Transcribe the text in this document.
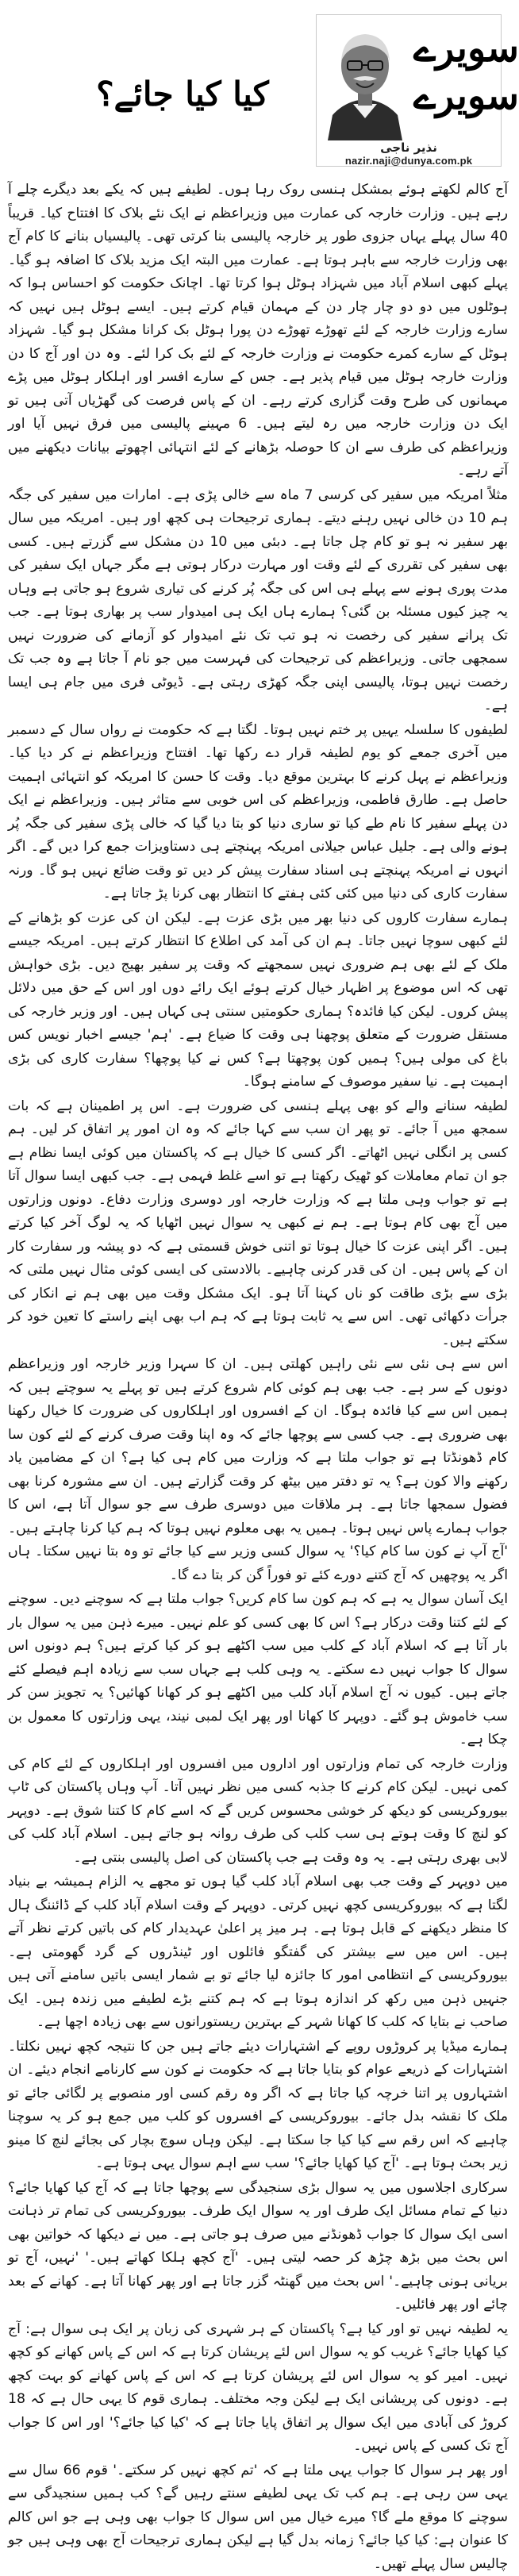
سویرے
سویرے
نذیر ناجی
nazir.naji@dunya.com.pk
کیا کیا جائے؟

آج کالم لکھتے ہوئے بمشکل ہنسی روک رہا ہوں۔ لطیفے ہیں کہ یکے بعد دیگرے چلے آ رہے ہیں۔ وزارت خارجہ کی عمارت میں وزیراعظم نے ایک نئے بلاک کا افتتاح کیا۔ قریباً 40 سال پہلے یہاں جزوی طور پر خارجہ پالیسی بنا کرتی تھی۔ پالیسیاں بنانے کا کام آج بھی وزارت خارجہ سے باہر ہوتا ہے۔ عمارت میں البتہ ایک مزید بلاک کا اضافہ ہو گیا۔ پہلے کبھی اسلام آباد میں شہزاد ہوٹل ہوا کرتا تھا۔ اچانک حکومت کو احساس ہوا کہ ہوٹلوں میں دو دو چار چار دن کے مہمان قیام کرتے ہیں۔ ایسے ہوٹل ہیں نہیں کہ سارے وزارت خارجہ کے لئے تھوڑے تھوڑے دن پورا ہوٹل بک کرانا مشکل ہو گیا۔ شہزاد ہوٹل کے سارے کمرے حکومت نے وزارت خارجہ کے لئے بک کرا لئے۔ وہ دن اور آج کا دن وزارت خارجہ ہوٹل میں قیام پذیر ہے۔ جس کے سارے افسر اور اہلکار ہوٹل میں پڑے مہمانوں کی طرح وقت گزاری کرتے رہے۔ ان کے پاس فرصت کی گھڑیاں آتی ہیں تو ایک دن وزارت خارجہ میں رہ لیتے ہیں۔ 6 مہینے پالیسی میں فرق نہیں آیا اور وزیراعظم کی طرف سے ان کا حوصلہ بڑھانے کے لئے انتہائی اچھوتے بیانات دیکھنے میں آتے رہے۔

مثلاً امریکہ میں سفیر کی کرسی 7 ماہ سے خالی پڑی ہے۔ امارات میں سفیر کی جگہ ہم 10 دن خالی نہیں رہنے دیتے۔ ہماری ترجیحات ہی کچھ اور ہیں۔ امریکہ میں سال بھر سفیر نہ ہو تو کام چل جاتا ہے۔ دبئی میں 10 دن مشکل سے گزرتے ہیں۔ کسی بھی سفیر کی تقرری کے لئے وقت اور مہارت درکار ہوتی ہے مگر جہاں ایک سفیر کی مدت پوری ہونے سے پہلے ہی اس کی جگہ پُر کرنے کی تیاری شروع ہو جاتی ہے وہاں یہ چیز کیوں مسئلہ بن گئی؟ ہمارے ہاں ایک ہی امیدوار سب پر بھاری ہوتا ہے۔ جب تک پرانے سفیر کی رخصت نہ ہو تب تک نئے امیدوار کو آزمانے کی ضرورت نہیں سمجھی جاتی۔ وزیراعظم کی ترجیحات کی فہرست میں جو نام آ جاتا ہے وہ جب تک رخصت نہیں ہوتا، پالیسی اپنی جگہ کھڑی رہتی ہے۔ ڈیوٹی فری میں جام ہی ایسا ہے۔

لطیفوں کا سلسلہ یہیں پر ختم نہیں ہوتا۔ لگتا ہے کہ حکومت نے رواں سال کے دسمبر میں آخری جمعے کو یوم لطیفہ قرار دے رکھا تھا۔ افتتاح وزیراعظم نے کر دیا کیا۔ وزیراعظم نے پہل کرنے کا بہترین موقع دیا۔ وقت کا حسن کا امریکہ کو انتہائی اہمیت حاصل ہے۔ طارق فاطمی، وزیراعظم کی اس خوبی سے متاثر ہیں۔ وزیراعظم نے ایک دن پہلے سفیر کا نام طے کیا تو ساری دنیا کو بتا دیا گیا کہ خالی پڑی سفیر کی جگہ پُر ہونے والی ہے۔ جلیل عباس جیلانی امریکہ پہنچتے ہی دستاویزات جمع کرا دیں گے۔ اگر انہوں نے امریکہ پہنچتے ہی اسناد سفارت پیش کر دیں تو وقت ضائع نہیں ہو گا۔ ورنہ سفارت کاری کی دنیا میں کئی کئی ہفتے کا انتظار بھی کرنا پڑ جاتا ہے۔

ہمارے سفارت کاروں کی دنیا بھر میں بڑی عزت ہے۔ لیکن ان کی عزت کو بڑھانے کے لئے کبھی سوچا نہیں جاتا۔ ہم ان کی آمد کی اطلاع کا انتظار کرتے ہیں۔ امریکہ جیسے ملک کے لئے بھی ہم ضروری نہیں سمجھتے کہ وقت پر سفیر بھیج دیں۔ بڑی خواہش تھی کہ اس موضوع پر اظہار خیال کرتے ہوئے ایک رائے دوں اور اس کے حق میں دلائل پیش کروں۔ لیکن کیا فائدہ؟ ہماری حکومتیں سنتی ہی کہاں ہیں۔ اور وزیر خارجہ کی مستقل ضرورت کے متعلق پوچھنا ہی وقت کا ضیاع ہے۔ 'ہم' جیسے اخبار نویس کس باغ کی مولی ہیں؟ ہمیں کون پوچھتا ہے؟ کس نے کیا پوچھا؟ سفارت کاری کی بڑی اہمیت ہے۔ نیا سفیر موصوف کے سامنے ہوگا۔

لطیفہ سنانے والے کو بھی پہلے ہنسی کی ضرورت ہے۔ اس پر اطمینان ہے کہ بات سمجھ میں آ جائے۔ تو پھر ان سب سے کہا جائے کہ وہ ان امور پر اتفاق کر لیں۔ ہم کسی پر انگلی نہیں اٹھاتے۔ اگر کسی کا خیال ہے کہ پاکستان میں کوئی ایسا نظام ہے جو ان تمام معاملات کو ٹھیک رکھتا ہے تو اسے غلط فہمی ہے۔ جب کبھی ایسا سوال آتا ہے تو جواب وہی ملتا ہے کہ وزارت خارجہ اور دوسری وزارت دفاع۔ دونوں وزارتوں میں آج بھی کام ہوتا ہے۔ ہم نے کبھی یہ سوال نہیں اٹھایا کہ یہ لوگ آخر کیا کرتے ہیں۔ اگر اپنی عزت کا خیال ہوتا تو اتنی خوش قسمتی ہے کہ دو پیشہ ور سفارت کار ان کے پاس ہیں۔ ان کی قدر کرنی چاہیے۔ بالادستی کی ایسی کوئی مثال نہیں ملتی کہ بڑی سے بڑی طاقت کو ناں کہنا آتا ہو۔ ایک مشکل وقت میں بھی ہم نے انکار کی جرأت دکھائی تھی۔ اس سے یہ ثابت ہوتا ہے کہ ہم اب بھی اپنے راستے کا تعین خود کر سکتے ہیں۔

اس سے ہی نئی سے نئی راہیں کھلتی ہیں۔ ان کا سہرا وزیر خارجہ اور وزیراعظم دونوں کے سر ہے۔ جب بھی ہم کوئی کام شروع کرتے ہیں تو پہلے یہ سوچتے ہیں کہ ہمیں اس سے کیا فائدہ ہوگا۔ ان کے افسروں اور اہلکاروں کی ضرورت کا خیال رکھنا بھی ضروری ہے۔ جب کسی سے پوچھا جائے کہ وہ اپنا وقت صرف کرنے کے لئے کون سا کام ڈھونڈتا ہے تو جواب ملتا ہے کہ وزارت میں کام ہی کیا ہے؟ ان کے مضامین یاد رکھنے والا کون ہے؟ یہ تو دفتر میں بیٹھ کر وقت گزارتے ہیں۔ ان سے مشورہ کرنا بھی فضول سمجھا جاتا ہے۔ ہر ملاقات میں دوسری طرف سے جو سوال آتا ہے، اس کا جواب ہمارے پاس نہیں ہوتا۔ ہمیں یہ بھی معلوم نہیں ہوتا کہ ہم کیا کرنا چاہتے ہیں۔ 'آج آپ نے کون سا کام کیا؟' یہ سوال کسی وزیر سے کیا جائے تو وہ بتا نہیں سکتا۔ ہاں اگر یہ پوچھیں کہ آج کتنے دورے کئے تو فوراً گن کر بتا دے گا۔

ایک آسان سوال یہ ہے کہ ہم کون سا کام کریں؟ جواب ملتا ہے کہ سوچنے دیں۔ سوچنے کے لئے کتنا وقت درکار ہے؟ اس کا بھی کسی کو علم نہیں۔ میرے ذہن میں یہ سوال بار بار آتا ہے کہ اسلام آباد کے کلب میں سب اکٹھے ہو کر کیا کرتے ہیں؟ ہم دونوں اس سوال کا جواب نہیں دے سکتے۔ یہ وہی کلب ہے جہاں سب سے زیادہ اہم فیصلے کئے جاتے ہیں۔ کیوں نہ آج اسلام آباد کلب میں اکٹھے ہو کر کھانا کھائیں؟ یہ تجویز سن کر سب خاموش ہو گئے۔ دوپہر کا کھانا اور پھر ایک لمبی نیند، یہی وزارتوں کا معمول بن چکا ہے۔

وزارت خارجہ کی تمام وزارتوں اور اداروں میں افسروں اور اہلکاروں کے لئے کام کی کمی نہیں۔ لیکن کام کرنے کا جذبہ کسی میں نظر نہیں آتا۔ آپ وہاں پاکستان کی ٹاپ بیوروکریسی کو دیکھ کر خوشی محسوس کریں گے کہ اسے کام کا کتنا شوق ہے۔ دوپہر کو لنچ کا وقت ہوتے ہی سب کلب کی طرف روانہ ہو جاتے ہیں۔ اسلام آباد کلب کی لابی بھری رہتی ہے۔ یہ وہ وقت ہے جب پاکستان کی اصل پالیسی بنتی ہے۔

میں دوپہر کے وقت جب بھی اسلام آباد کلب گیا ہوں تو مجھے یہ الزام ہمیشہ بے بنیاد لگتا ہے کہ بیوروکریسی کچھ نہیں کرتی۔ دوپہر کے وقت اسلام آباد کلب کے ڈائننگ ہال کا منظر دیکھنے کے قابل ہوتا ہے۔ ہر میز پر اعلیٰ عہدیدار کام کی باتیں کرتے نظر آتے ہیں۔ اس میں سے بیشتر کی گفتگو فائلوں اور ٹینڈروں کے گرد گھومتی ہے۔ بیوروکریسی کے انتظامی امور کا جائزہ لیا جائے تو بے شمار ایسی باتیں سامنے آتی ہیں جنہیں ذہن میں رکھ کر اندازہ ہوتا ہے کہ ہم کتنے بڑے لطیفے میں زندہ ہیں۔ ایک صاحب نے بتایا کہ کلب کا کھانا شہر کے بہترین ریستورانوں سے بھی زیادہ اچھا ہے۔

ہمارے میڈیا پر کروڑوں روپے کے اشتہارات دیئے جاتے ہیں جن کا نتیجہ کچھ نہیں نکلتا۔ اشتہارات کے ذریعے عوام کو بتایا جاتا ہے کہ حکومت نے کون سے کارنامے انجام دیئے۔ ان اشتہاروں پر اتنا خرچہ کیا جاتا ہے کہ اگر وہ رقم کسی اور منصوبے پر لگائی جائے تو ملک کا نقشہ بدل جائے۔ بیوروکریسی کے افسروں کو کلب میں جمع ہو کر یہ سوچنا چاہیے کہ اس رقم سے کیا کیا جا سکتا ہے۔ لیکن وہاں سوچ بچار کی بجائے لنچ کا مینو زیر بحث ہوتا ہے۔ 'آج کیا کھایا جائے؟' سب سے اہم سوال یہی ہوتا ہے۔

سرکاری اجلاسوں میں یہ سوال بڑی سنجیدگی سے پوچھا جاتا ہے کہ آج کیا کھایا جائے؟ دنیا کے تمام مسائل ایک طرف اور یہ سوال ایک طرف۔ بیوروکریسی کی تمام تر ذہانت اسی ایک سوال کا جواب ڈھونڈنے میں صرف ہو جاتی ہے۔ میں نے دیکھا کہ خواتین بھی اس بحث میں بڑھ چڑھ کر حصہ لیتی ہیں۔ 'آج کچھ ہلکا کھاتے ہیں۔' 'نہیں، آج تو بریانی ہونی چاہیے۔' اس بحث میں گھنٹہ گزر جاتا ہے اور پھر کھانا آتا ہے۔ کھانے کے بعد چائے اور پھر فائلیں۔

یہ لطیفہ نہیں تو اور کیا ہے؟ پاکستان کے ہر شہری کی زبان پر ایک ہی سوال ہے: آج کیا کھایا جائے؟ غریب کو یہ سوال اس لئے پریشان کرتا ہے کہ اس کے پاس کھانے کو کچھ نہیں۔ امیر کو یہ سوال اس لئے پریشان کرتا ہے کہ اس کے پاس کھانے کو بہت کچھ ہے۔ دونوں کی پریشانی ایک ہے لیکن وجہ مختلف۔ ہماری قوم کا یہی حال ہے کہ 18 کروڑ کی آبادی میں ایک سوال پر اتفاق پایا جاتا ہے کہ 'کیا کیا جائے؟' اور اس کا جواب آج تک کسی کے پاس نہیں۔

اور پھر ہر سوال کا جواب یہی ملتا ہے کہ 'تم کچھ نہیں کر سکتے۔' قوم 66 سال سے یہی سن رہی ہے۔ ہم کب تک یہی لطیفے سنتے رہیں گے؟ کب ہمیں سنجیدگی سے سوچنے کا موقع ملے گا؟ میرے خیال میں اس سوال کا جواب بھی وہی ہے جو اس کالم کا عنوان ہے: کیا کیا جائے؟ زمانہ بدل گیا ہے لیکن ہماری ترجیحات آج بھی وہی ہیں جو چالیس سال پہلے تھیں۔
